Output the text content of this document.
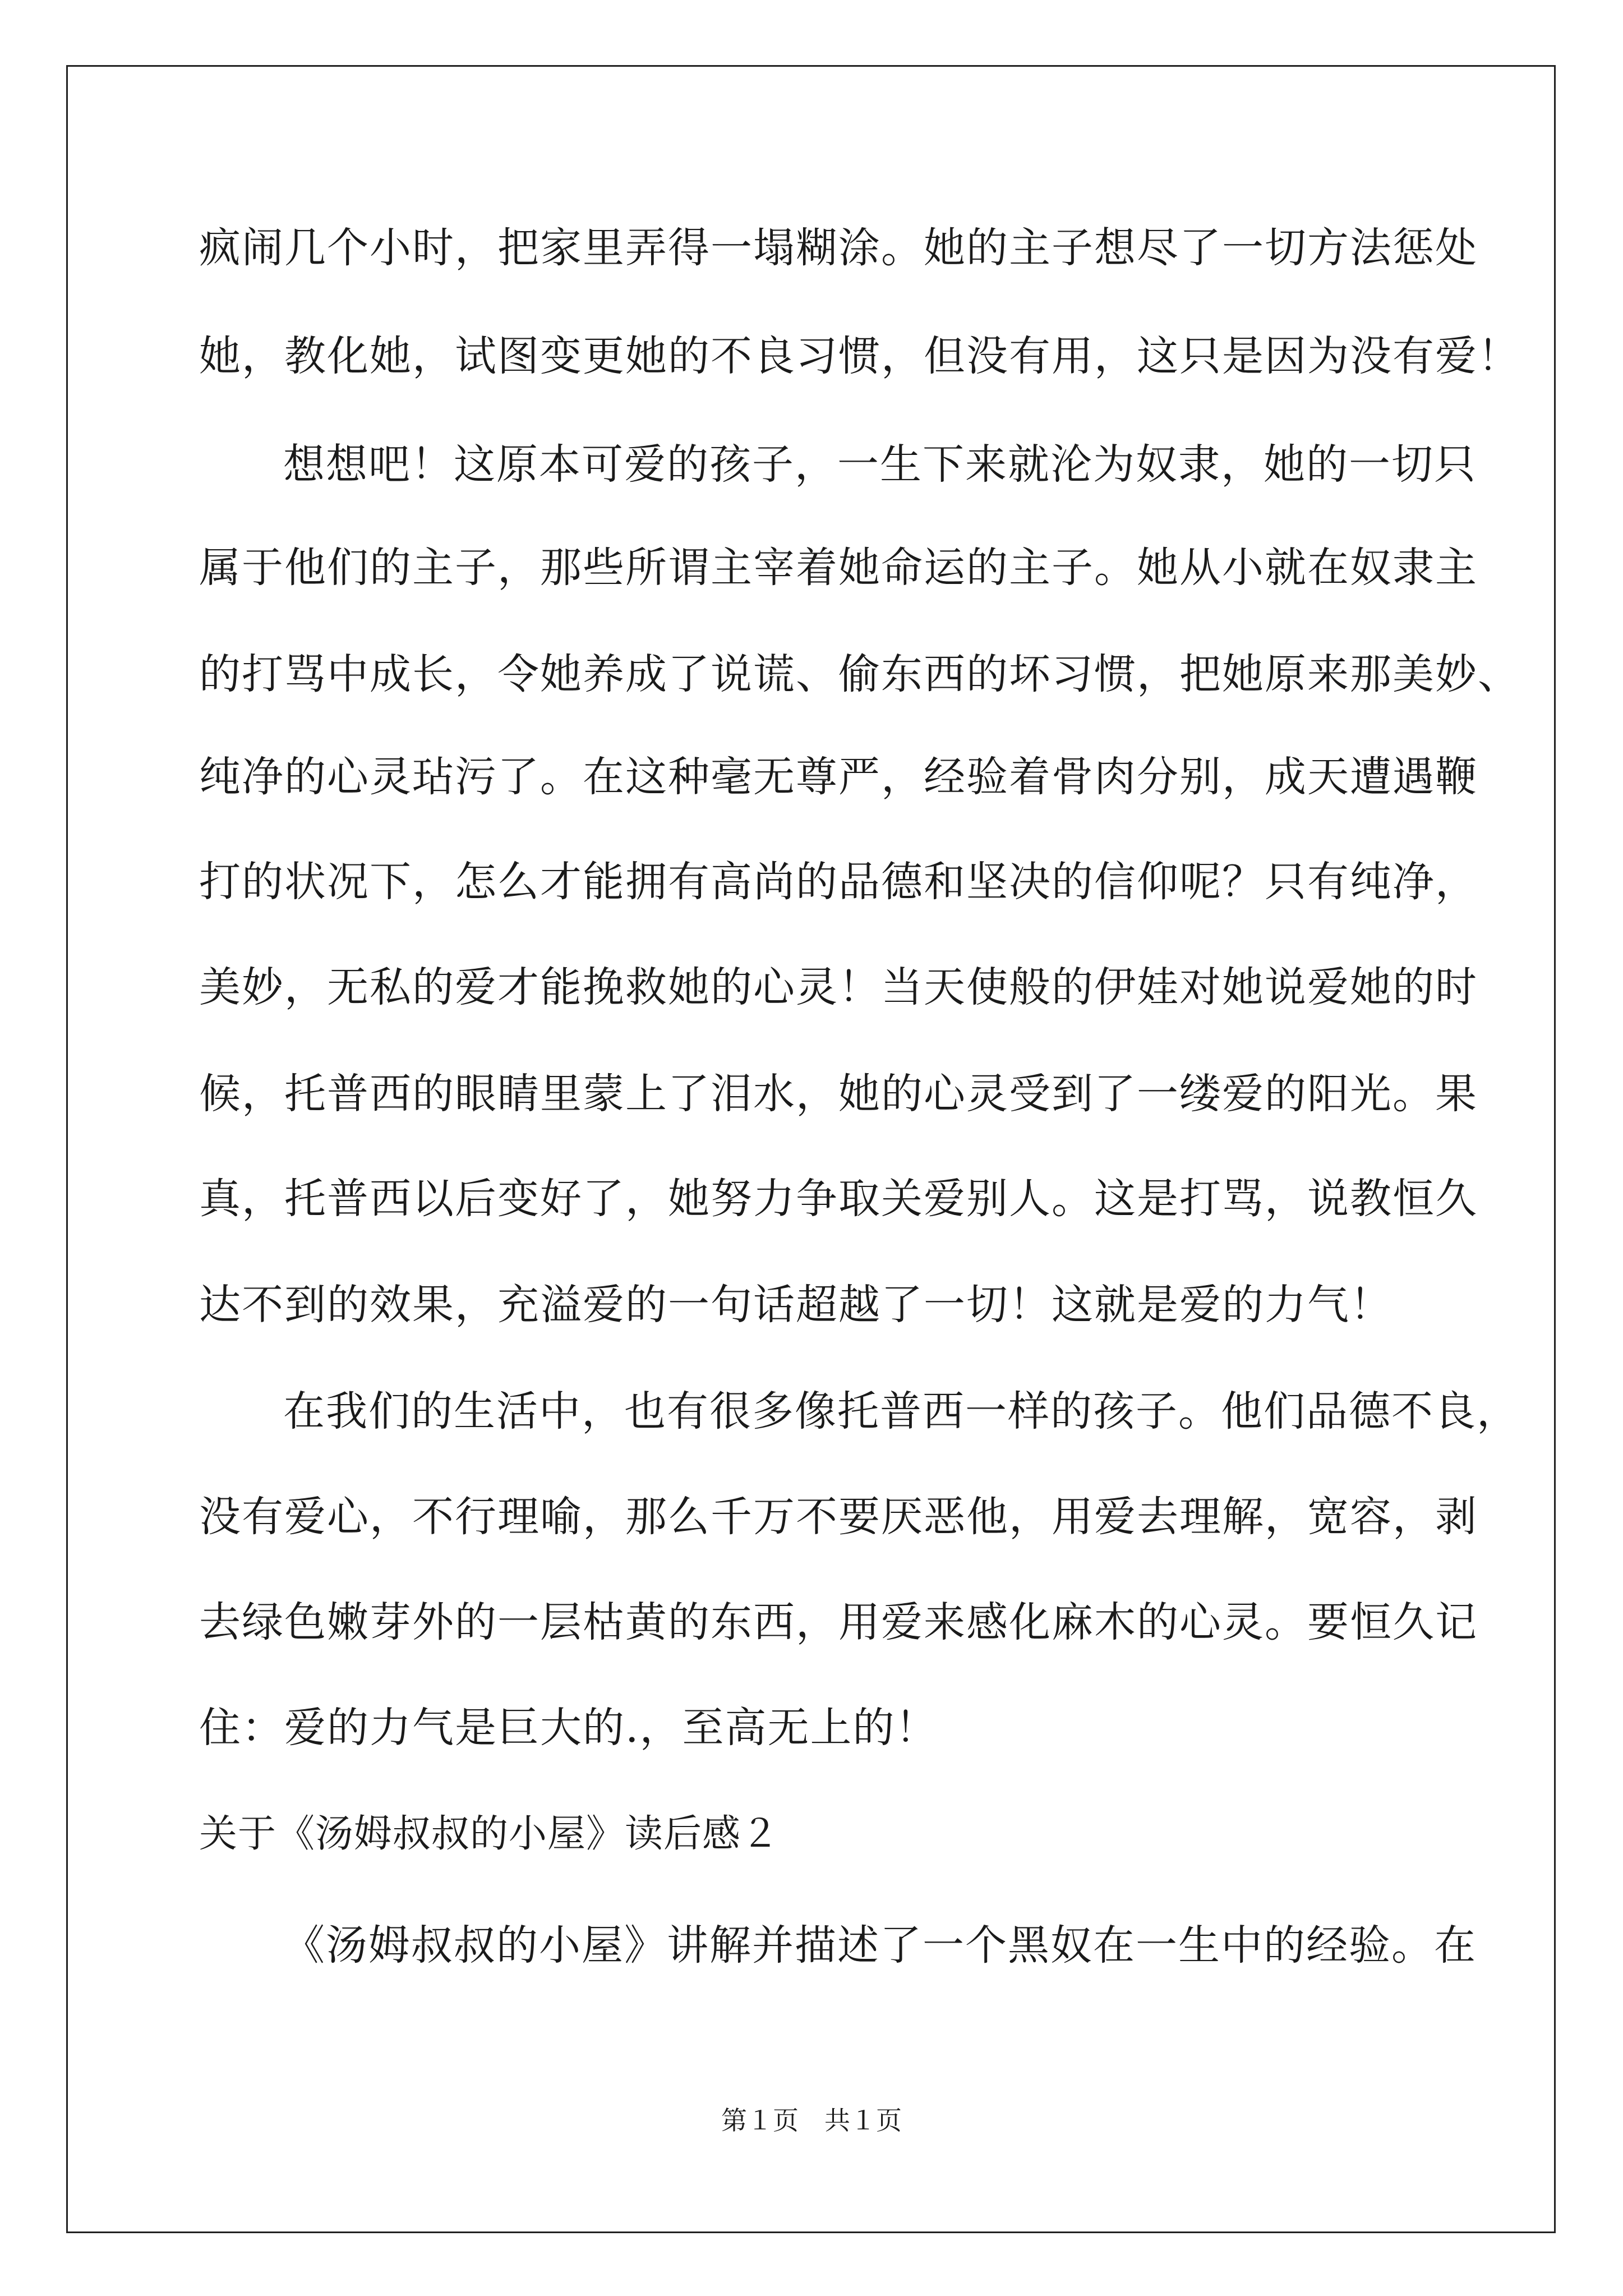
疯闹几个小时，把家里弄得一塌糊涂。她的主子想尽了一切方法惩处
她，教化她，试图变更她的不良习惯，但没有用，这只是因为没有爱！
想想吧！这原本可爱的孩子，一生下来就沦为奴隶，她的一切只
属于他们的主子，那些所谓主宰着她命运的主子。她从小就在奴隶主
的打骂中成长，令她养成了说谎、偷东西的坏习惯，把她原来那美妙、
纯净的心灵玷污了。在这种毫无尊严，经验着骨肉分别，成天遭遇鞭
打的状况下，怎么才能拥有高尚的品德和坚决的信仰呢？只有纯净，
美妙，无私的爱才能挽救她的心灵！当天使般的伊娃对她说爱她的时
候，托普西的眼睛里蒙上了泪水，她的心灵受到了一缕爱的阳光。果
真，托普西以后变好了，她努力争取关爱别人。这是打骂，说教恒久
达不到的效果，充溢爱的一句话超越了一切！这就是爱的力气！
在我们的生活中，也有很多像托普西一样的孩子。他们品德不良，
没有爱心，不行理喻，那么千万不要厌恶他，用爱去理解，宽容，剥
去绿色嫩芽外的一层枯黄的东西，用爱来感化麻木的心灵。要恒久记
住：爱的力气是巨大的.，至高无上的！
关于《汤姆叔叔的小屋》读后感２
《汤姆叔叔的小屋》讲解并描述了一个黑奴在一生中的经验。在
第１页　共１页
